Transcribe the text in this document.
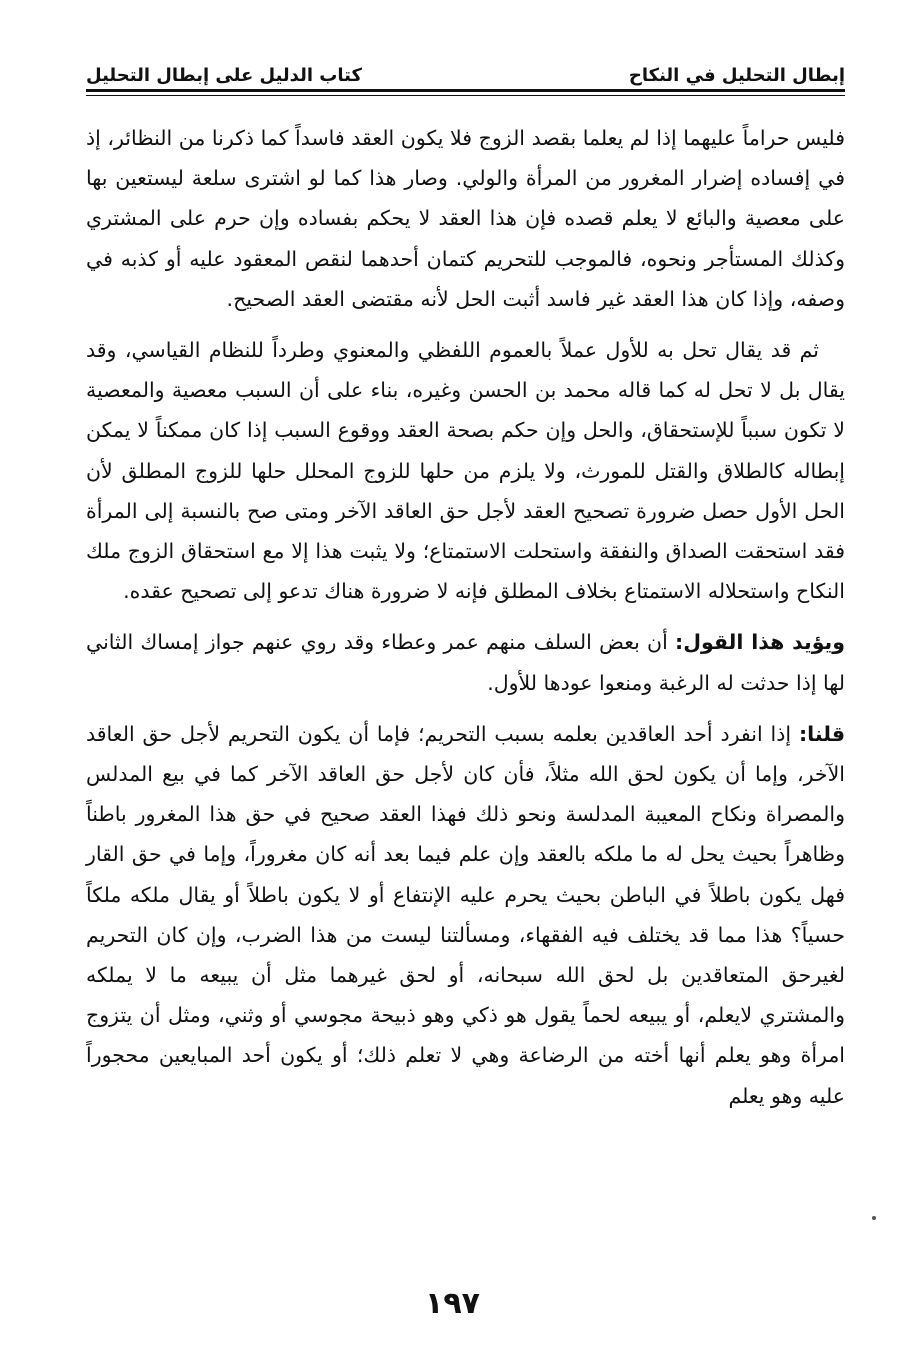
إبطال التحليل في النكاح
كتاب الدليل على إبطال التحليل

فليس حراماً عليهما إذا لم يعلما بقصد الزوج فلا يكون العقد فاسداً كما ذكرنا من النظائر، إذ في إفساده إضرار المغرور من المرأة والولي. وصار هذا كما لو اشترى سلعة ليستعين بها على معصية والبائع لا يعلم قصده فإن هذا العقد لا يحكم بفساده وإن حرم على المشتري وكذلك المستأجر ونحوه، فالموجب للتحريم كتمان أحدهما لنقص المعقود عليه أو كذبه في وصفه، وإذا كان هذا العقد غير فاسد أثبت الحل لأنه مقتضى العقد الصحيح.

ثم قد يقال تحل به للأول عملاً بالعموم اللفظي والمعنوي وطرداً للنظام القياسي، وقد يقال بل لا تحل له كما قاله محمد بن الحسن وغيره، بناء على أن السبب معصية والمعصية لا تكون سبباً للإستحقاق، والحل وإن حكم بصحة العقد ووقوع السبب إذا كان ممكناً لا يمكن إبطاله كالطلاق والقتل للمورث، ولا يلزم من حلها للزوج المحلل حلها للزوج المطلق لأن الحل الأول حصل ضرورة تصحيح العقد لأجل حق العاقد الآخر ومتى صح بالنسبة إلى المرأة فقد استحقت الصداق والنفقة واستحلت الاستمتاع؛ ولا يثبت هذا إلا مع استحقاق الزوج ملك النكاح واستحلاله الاستمتاع بخلاف المطلق فإنه لا ضرورة هناك تدعو إلى تصحيح عقده.

ويؤيد هذا القول: أن بعض السلف منهم عمر وعطاء وقد روي عنهم جواز إمساك الثاني لها إذا حدثت له الرغبة ومنعوا عودها للأول.

قلنا: إذا انفرد أحد العاقدين بعلمه بسبب التحريم؛ فإما أن يكون التحريم لأجل حق العاقد الآخر، وإما أن يكون لحق الله مثلاً، فأن كان لأجل حق العاقد الآخر كما في بيع المدلس والمصراة ونكاح المعيبة المدلسة ونحو ذلك فهذا العقد صحيح في حق هذا المغرور باطناً وظاهراً بحيث يحل له ما ملكه بالعقد وإن علم فيما بعد أنه كان مغروراً، وإما في حق القار فهل يكون باطلاً في الباطن بحيث يحرم عليه الإنتفاع أو لا يكون باطلاً أو يقال ملكه ملكاً حسياً؟ هذا مما قد يختلف فيه الفقهاء، ومسألتنا ليست من هذا الضرب، وإن كان التحريم لغيرحق المتعاقدين بل لحق الله سبحانه، أو لحق غيرهما مثل أن يبيعه ما لا يملكه والمشتري لايعلم، أو يبيعه لحماً يقول هو ذكي وهو ذبيحة مجوسي أو وثني، ومثل أن يتزوج امرأة وهو يعلم أنها أخته من الرضاعة وهي لا تعلم ذلك؛ أو يكون أحد المبايعين محجوراً عليه وهو يعلم

١٩٧
